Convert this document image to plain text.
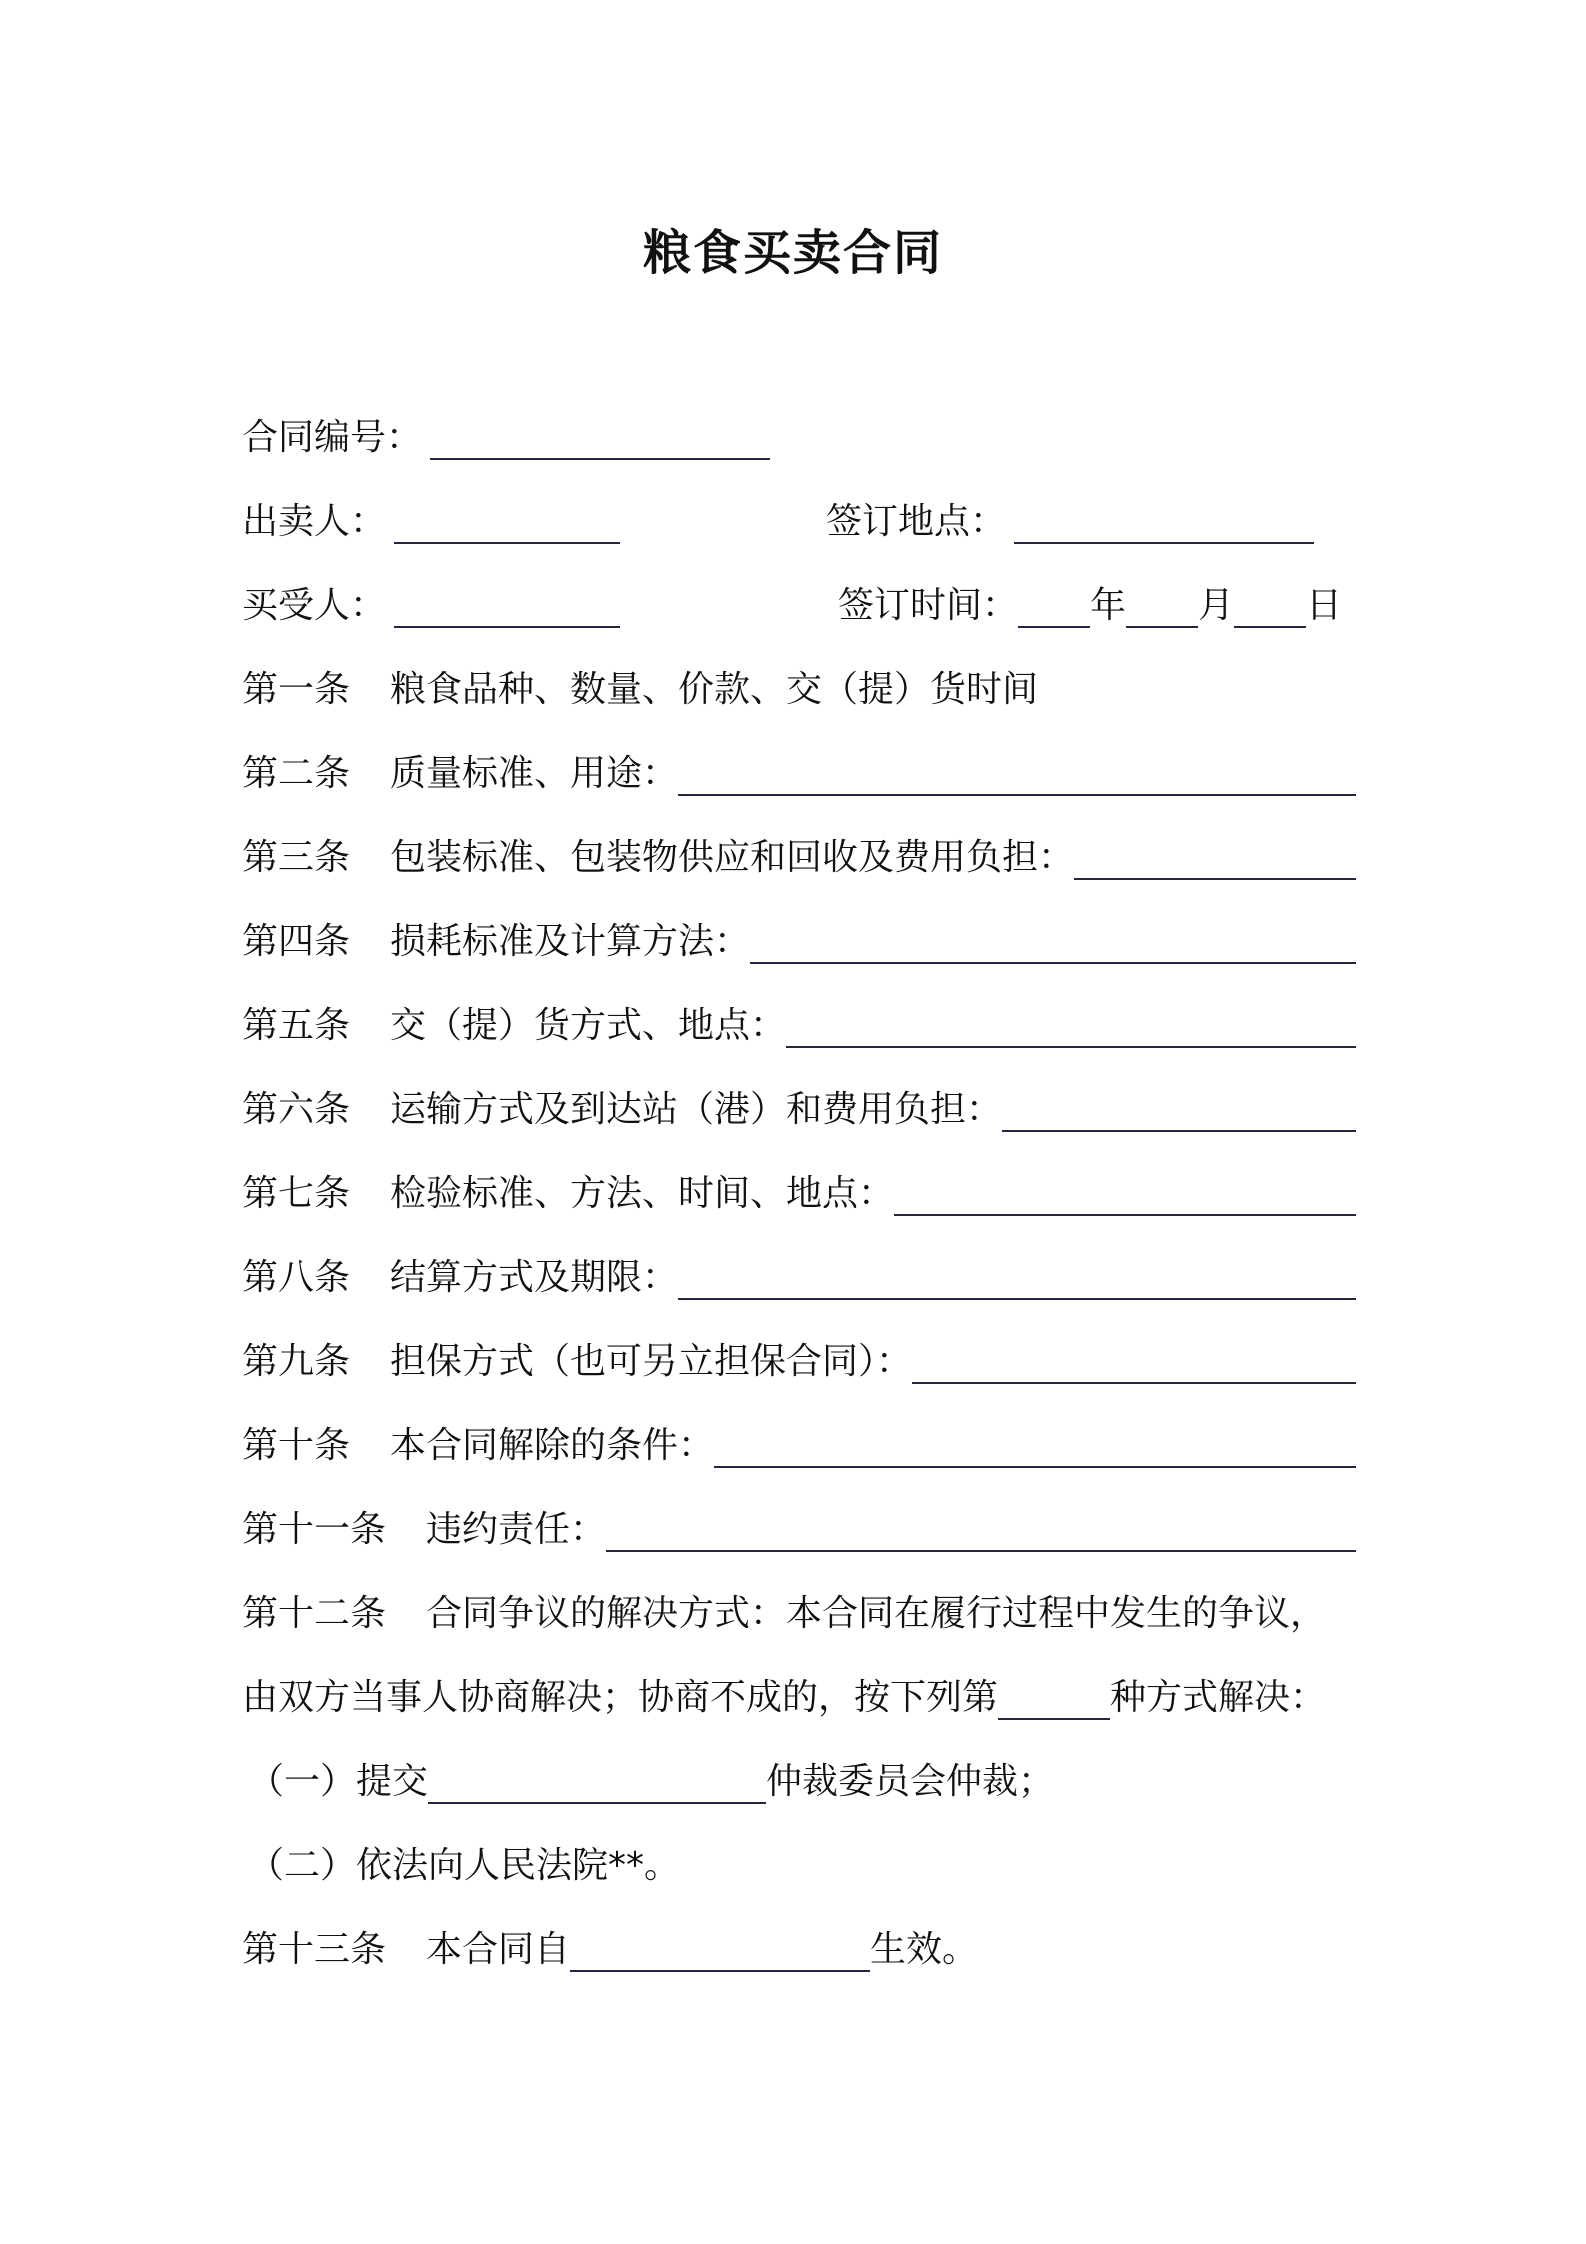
粮食买卖合同
合同编号：
出卖人：	签订地点：
买受人：	签订时间： 年 月 日
第一条 粮食品种、数量、价款、交（提）货时间
第二条 质量标准、用途：
第三条 包装标准、包装物供应和回收及费用负担：
第四条 损耗标准及计算方法：
第五条 交（提）货方式、地点：
第六条 运输方式及到达站（港）和费用负担：
第七条 检验标准、方法、时间、地点：
第八条 结算方式及期限：
第九条 担保方式（也可另立担保合同）：
第十条 本合同解除的条件：
第十一条 违约责任：
第十二条 合同争议的解决方式：本合同在履行过程中发生的争议，
由双方当事人协商解决；协商不成的，按下列第	种方式解决：
（一）提交	仲裁委员会仲裁；
（二）依法向人民法院**。
第十三条 本合同自	生效。
